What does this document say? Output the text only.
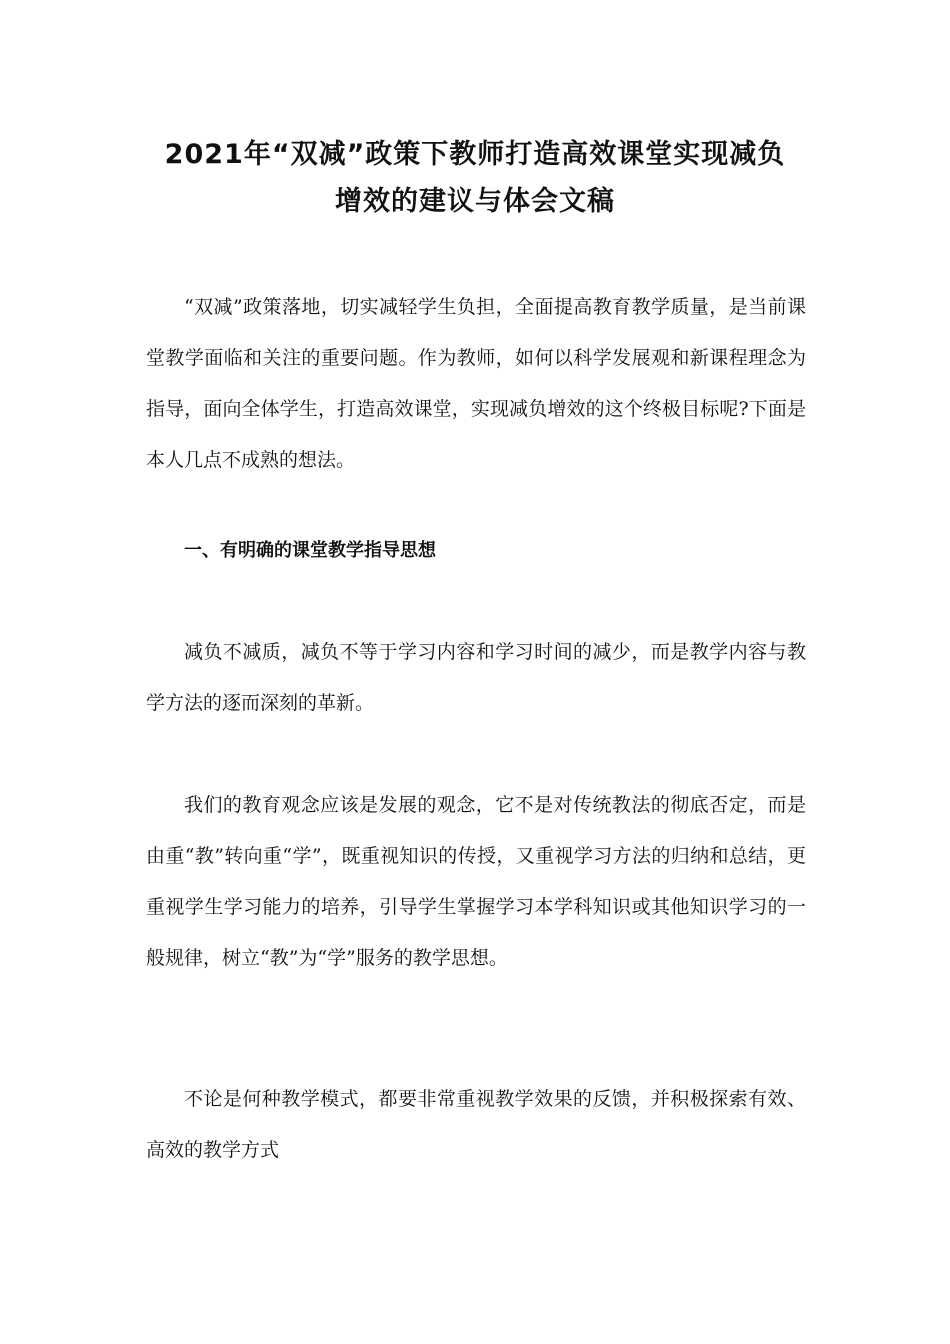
2021年“双减”政策下教师打造高效课堂实现减负
增效的建议与体会文稿

“双减”政策落地，切实减轻学生负担，全面提高教育教学质量，是当前课堂教学面临和关注的重要问题。作为教师，如何以科学发展观和新课程理念为指导，面向全体学生，打造高效课堂，实现减负增效的这个终极目标呢?下面是本人几点不成熟的想法。

一、有明确的课堂教学指导思想

减负不减质，减负不等于学习内容和学习时间的减少，而是教学内容与教学方法的逐而深刻的革新。

我们的教育观念应该是发展的观念，它不是对传统教法的彻底否定，而是由重“教”转向重“学”，既重视知识的传授，又重视学习方法的归纳和总结，更重视学生学习能力的培养，引导学生掌握学习本学科知识或其他知识学习的一般规律，树立“教”为“学”服务的教学思想。

不论是何种教学模式，都要非常重视教学效果的反馈，并积极探索有效、高效的教学方式
